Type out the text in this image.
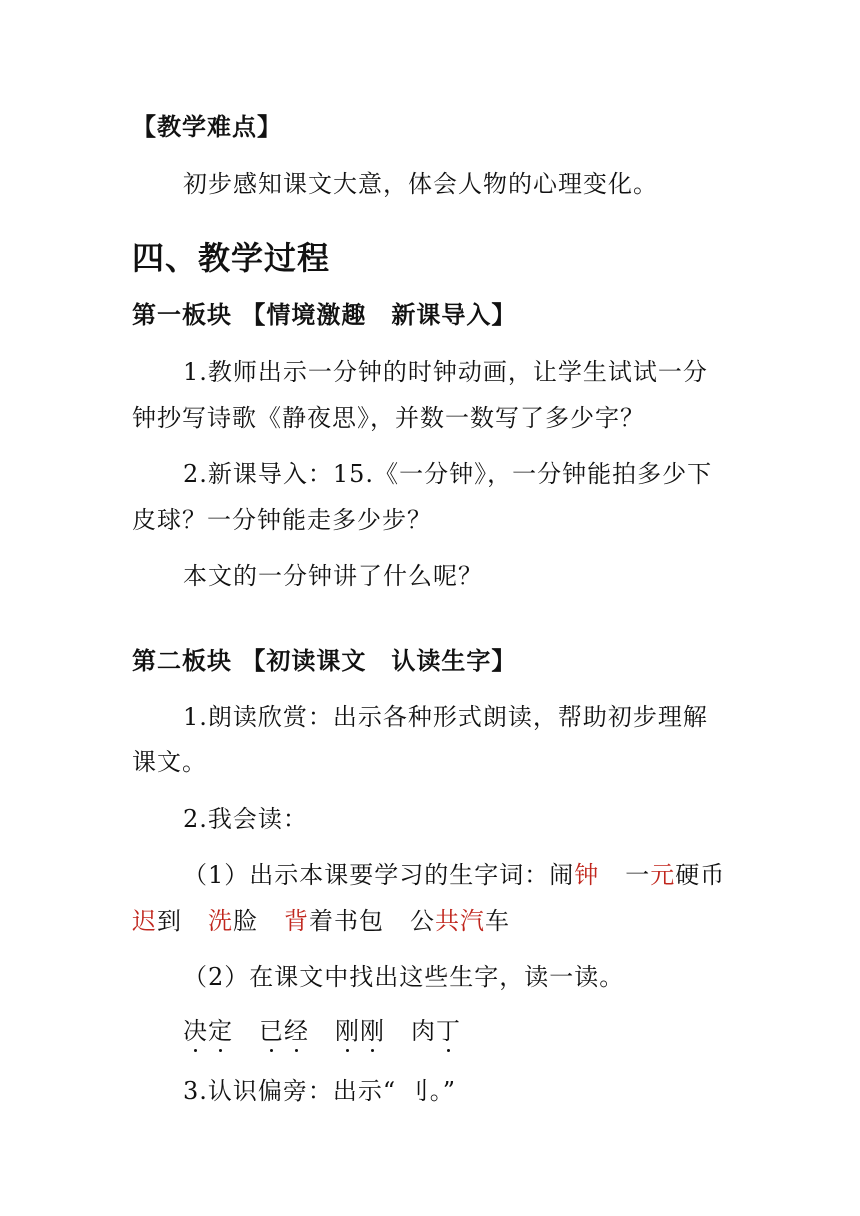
【教学难点】
初步感知课文大意，体会人物的心理变化。
四、教学过程
第一板块 【情境激趣　新课导入】
1.教师出示一分钟的时钟动画，让学生试试一分
钟抄写诗歌《静夜思》，并数一数写了多少字？
2.新课导入：15.《一分钟》，一分钟能拍多少下
皮球？一分钟能走多少步？
本文的一分钟讲了什么呢？
第二板块 【初读课文　认读生字】
1.朗读欣赏：出示各种形式朗读，帮助初步理解
课文。
2.我会读：
（1）出示本课要学习的生字词：闹钟 一元硬币
迟到 洗脸 背着书包 公共汽车
（2）在课文中找出这些生字，读一读。
决定 已经 刚刚 肉丁
3.认识偏旁：出示“ 刂。”
